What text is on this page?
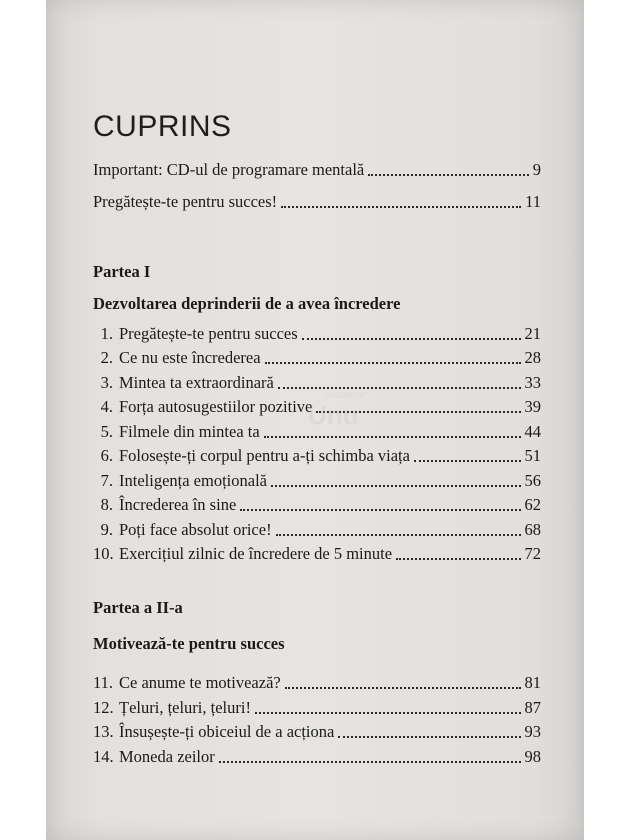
CUPRINS
Important: CD-ul de programare mentală	9
Pregătește-te pentru succes!	11
Partea I
Dezvoltarea deprinderii de a avea încredere
1. Pregătește-te pentru succes	21
2. Ce nu este încrederea	28
3. Mintea ta extraordinară	33
4. Forța autosugestiilor pozitive	39
5. Filmele din mintea ta	44
6. Folosește-ți corpul pentru a-ți schimba viața	51
7. Inteligența emoțională	56
8. Încrederea în sine	62
9. Poți face absolut orice!	68
10. Exercițiul zilnic de încredere de 5 minute	72
Partea a II-a
Motivează-te pentru succes
11. Ce anume te motivează?	81
12. Țeluri, țeluri, țeluri!	87
13. Însușește-ți obiceiul de a acționa	93
14. Moneda zeilor	98
anticariat
Unu
